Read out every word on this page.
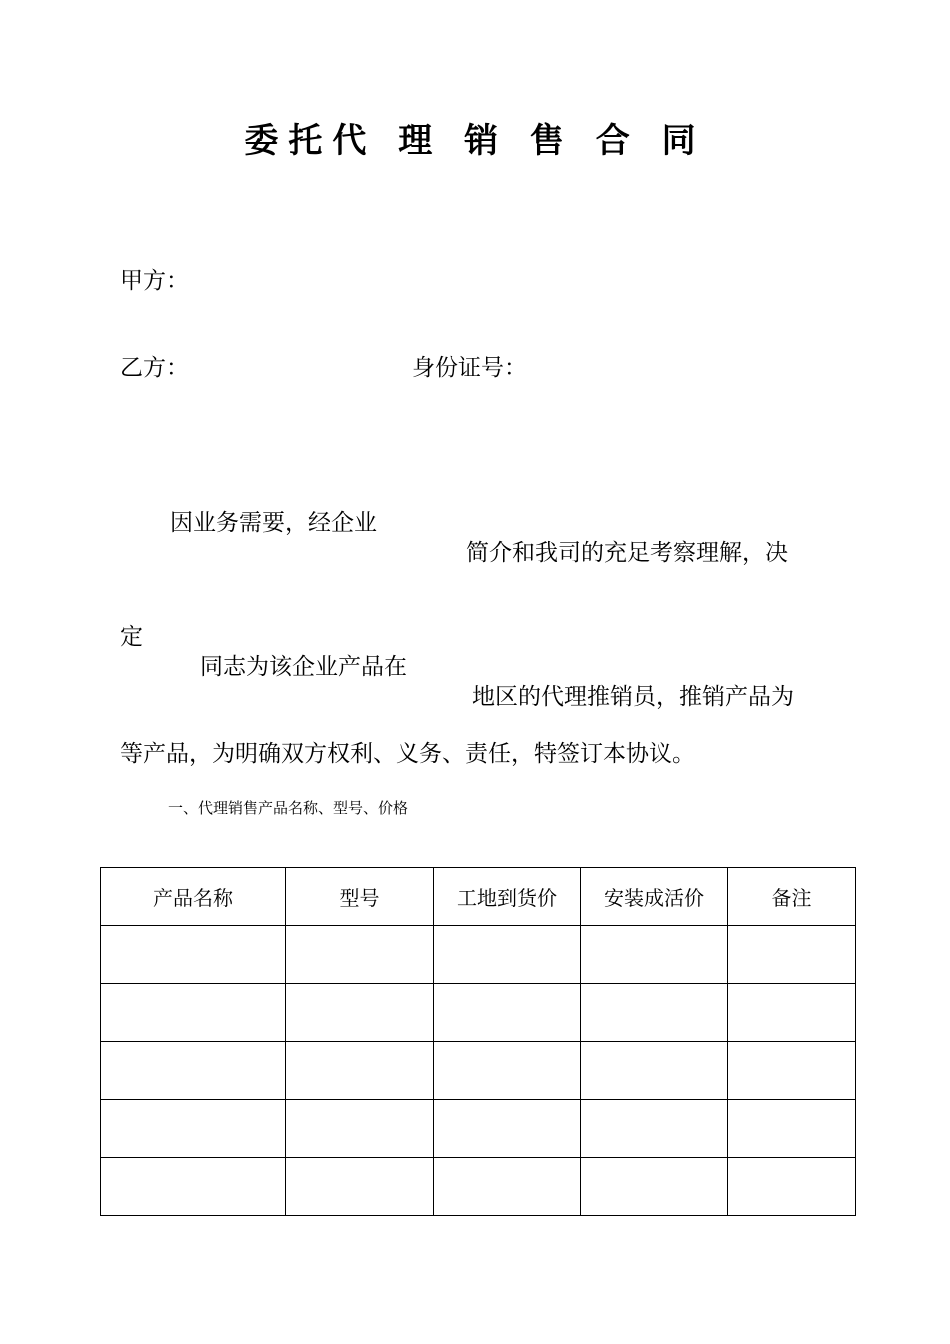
委托代 理 销 售 合 同
甲方：
乙方：	身份证号：

因业务需要，经企业

简介和我司的充足考察理解，决

定

同志为该企业产品在

地区的代理推销员，推销产品为

等产品，为明确双方权利、义务、责任，特签订本协议。

一、代理销售产品名称、型号、价格
产品名称	型号	工地到货价	安装成活价	备注
